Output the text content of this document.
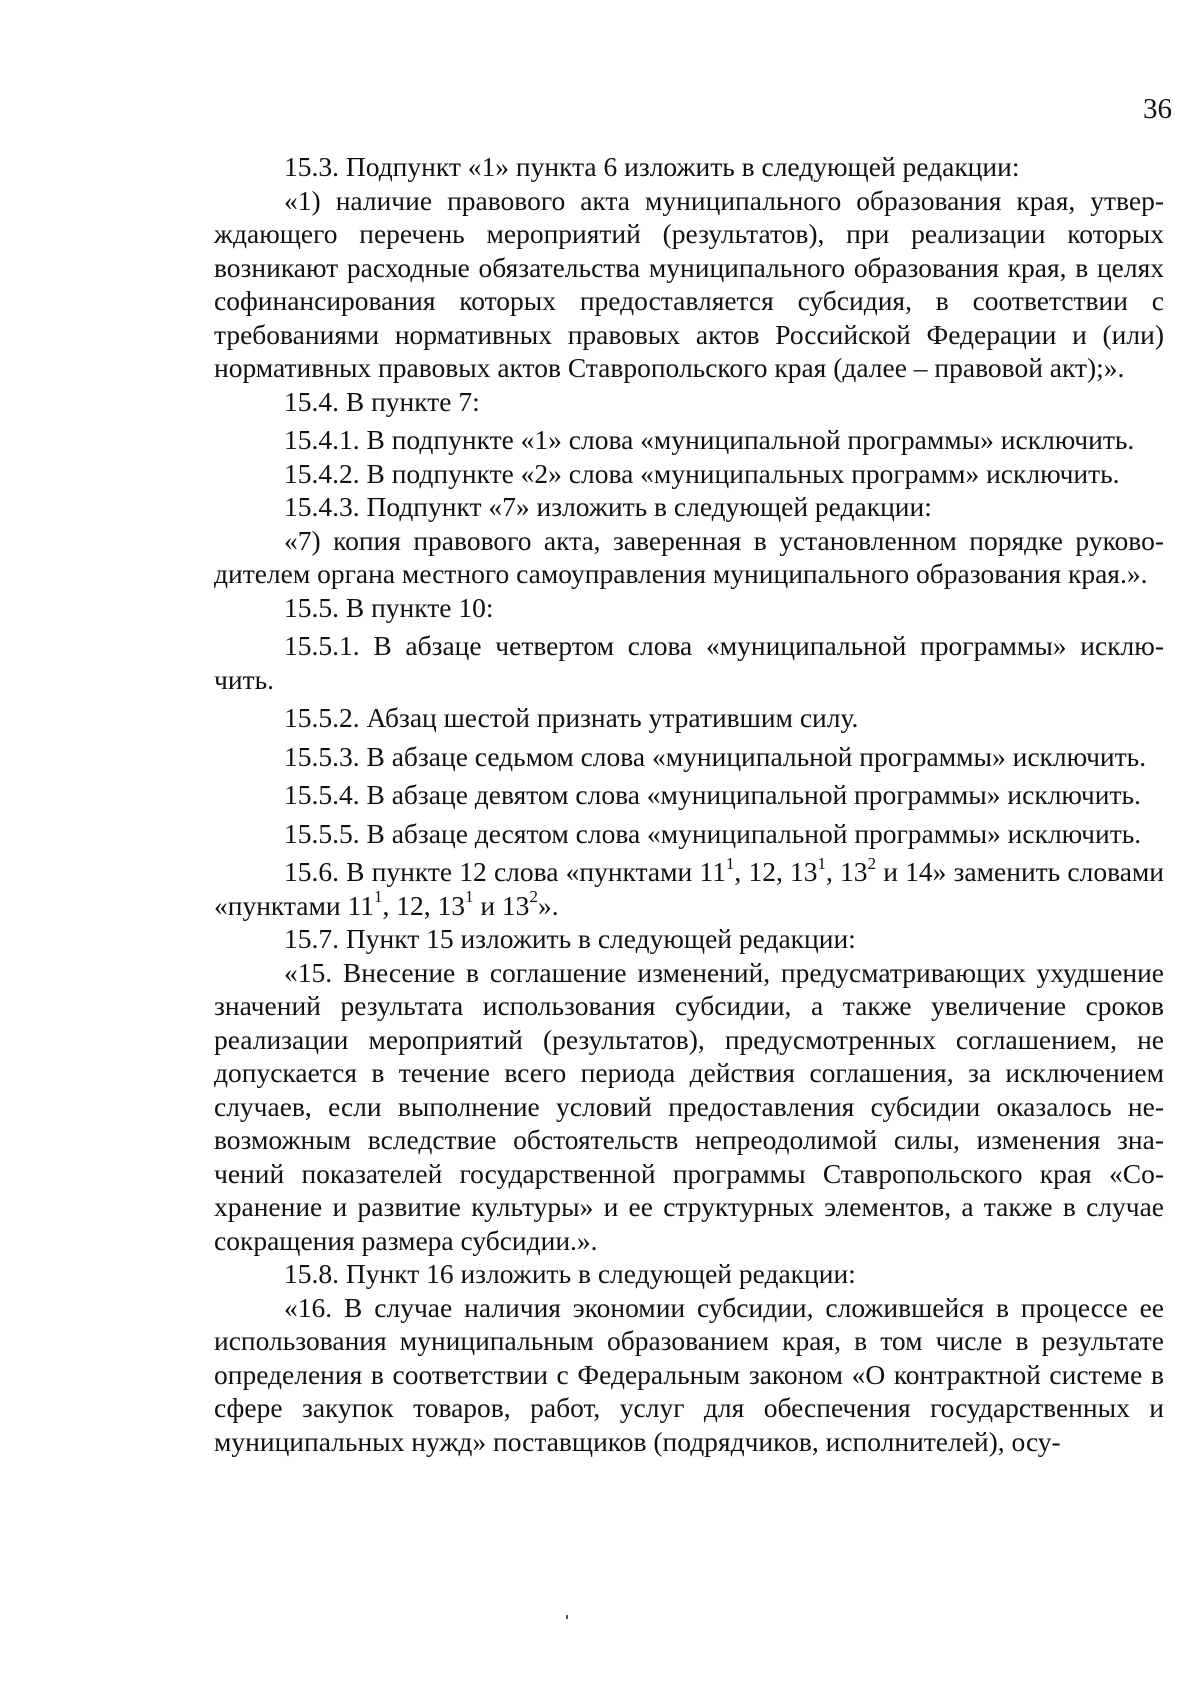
36

15.3. Подпункт «1» пункта 6 изложить в следующей редакции:

«1) наличие правового акта муниципального образования края, утверждающего перечень мероприятий (результатов), при реализации которых возникают расходные обязательства муниципального образования края, в целях софинансирования которых предоставляется субсидия, в соответствии с требованиями нормативных правовых актов Российской Федерации и (или) нормативных правовых актов Ставропольского края (далее – правовой акт);».

15.4. В пункте 7:

15.4.1. В подпункте «1» слова «муниципальной программы» исключить.

15.4.2. В подпункте «2» слова «муниципальных программ» исключить.

15.4.3. Подпункт «7» изложить в следующей редакции:

«7) копия правового акта, заверенная в установленном порядке руководителем органа местного самоуправления муниципального образования края.».

15.5. В пункте 10:

15.5.1. В абзаце четвертом слова «муниципальной программы» исключить.

15.5.2. Абзац шестой признать утратившим силу.

15.5.3. В абзаце седьмом слова «муниципальной программы» исключить.

15.5.4. В абзаце девятом слова «муниципальной программы» исключить.

15.5.5. В абзаце десятом слова «муниципальной программы» исключить.

15.6. В пункте 12 слова «пунктами $11^1$, 12, $13^1$, $13^2$ и 14» заменить словами «пунктами $11^1$, 12, $13^1$ и $13^2$».

15.7. Пункт 15 изложить в следующей редакции:

«15. Внесение в соглашение изменений, предусматривающих ухудшение значений результата использования субсидии, а также увеличение сроков реализации мероприятий (результатов), предусмотренных соглашением, не допускается в течение всего периода действия соглашения, за исключением случаев, если выполнение условий предоставления субсидии оказалось невозможным вследствие обстоятельств непреодолимой силы, изменения значений показателей государственной программы Ставропольского края «Сохранение и развитие культуры» и ее структурных элементов, а также в случае сокращения размера субсидии.».

15.8. Пункт 16 изложить в следующей редакции:

«16. В случае наличия экономии субсидии, сложившейся в процессе ее использования муниципальным образованием края, в том числе в результате определения в соответствии с Федеральным законом «О контрактной системе в сфере закупок товаров, работ, услуг для обеспечения государственных и муниципальных нужд» поставщиков (подрядчиков, исполнителей), осу-
